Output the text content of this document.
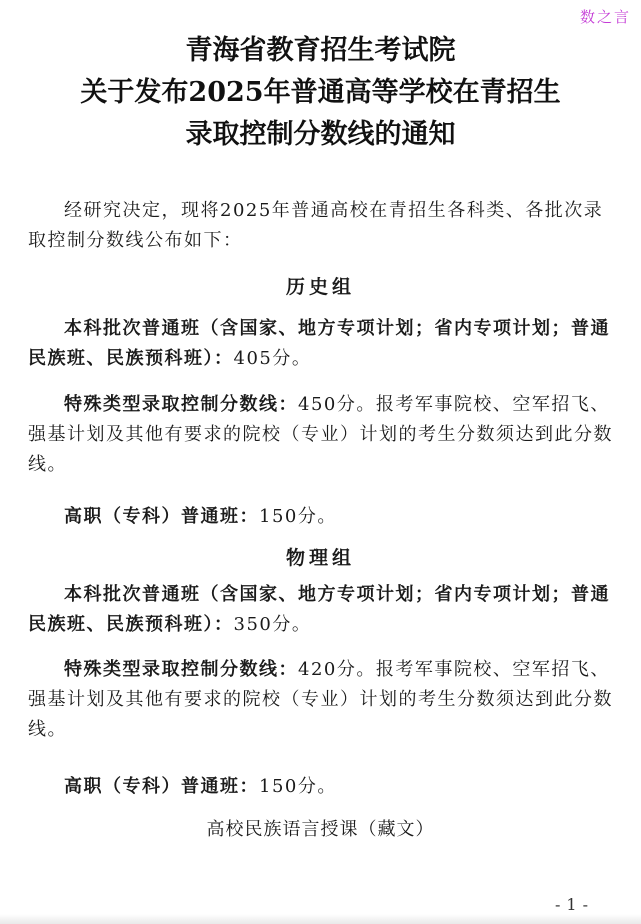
数之言
青海省教育招生考试院
关于发布2025年普通高等学校在青招生
录取控制分数线的通知
经研究决定，现将2025年普通高校在青招生各科类、各批次录取控制分数线公布如下：
历史组
本科批次普通班（含国家、地方专项计划；省内专项计划；普通民族班、民族预科班）：405分。
特殊类型录取控制分数线：450分。报考军事院校、空军招飞、强基计划及其他有要求的院校（专业）计划的考生分数须达到此分数线。
高职（专科）普通班：150分。
物理组
本科批次普通班（含国家、地方专项计划；省内专项计划；普通民族班、民族预科班）：350分。
特殊类型录取控制分数线：420分。报考军事院校、空军招飞、强基计划及其他有要求的院校（专业）计划的考生分数须达到此分数线。
高职（专科）普通班：150分。
高校民族语言授课（藏文）
-1-
